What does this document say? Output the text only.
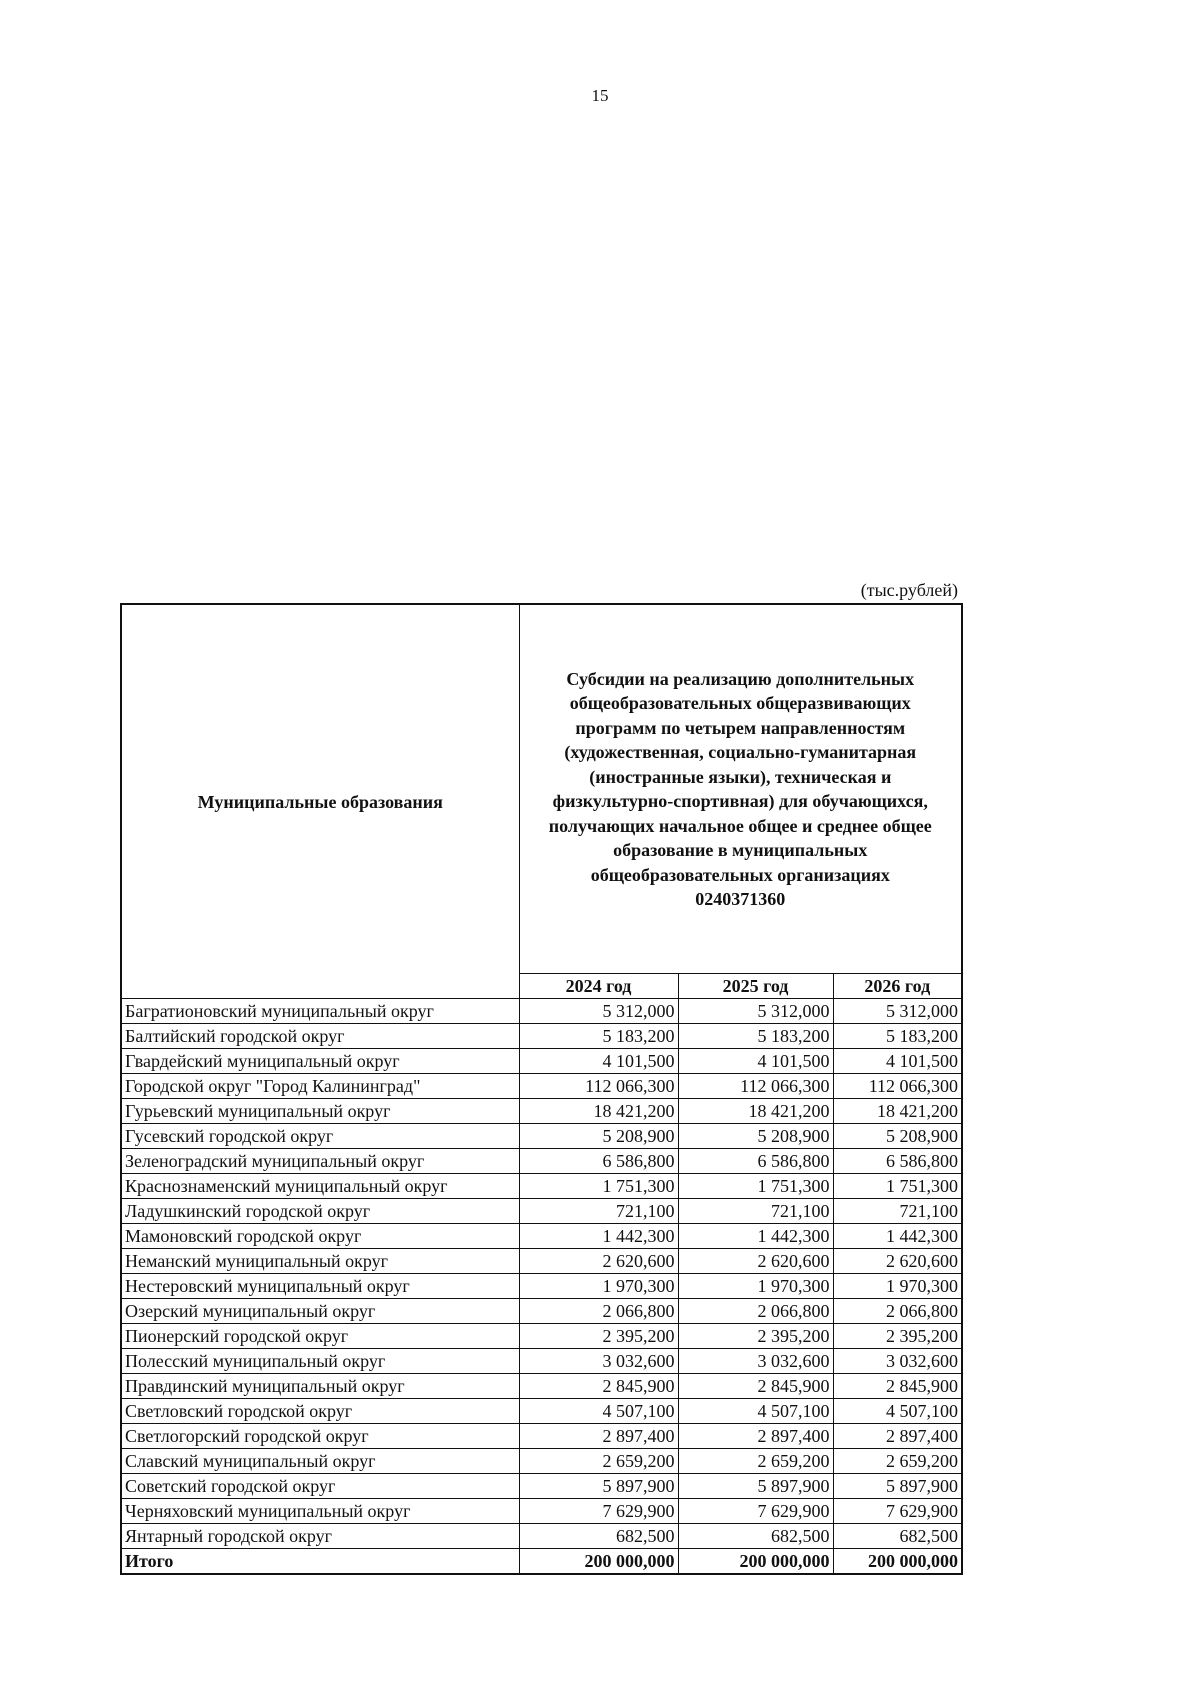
15
(тыс.рублей)
Муниципальные образования	Субсидии на реализацию дополнительных общеобразовательных общеразвивающих программ по четырем направленностям (художественная, социально-гуманитарная (иностранные языки), техническая и физкультурно-спортивная) для обучающихся, получающих начальное общее и среднее общее образование в муниципальных общеобразовательных организациях
0240371360		

	2024 год	2025 год	2026 год
Багратионовский муниципальный округ	5 312,000	5 312,000	5 312,000
Балтийский городской округ	5 183,200	5 183,200	5 183,200
Гвардейский муниципальный округ	4 101,500	4 101,500	4 101,500
Городской округ "Город Калининград"	112 066,300	112 066,300	112 066,300
Гурьевский муниципальный округ	18 421,200	18 421,200	18 421,200
Гусевский городской округ	5 208,900	5 208,900	5 208,900
Зеленоградский муниципальный округ	6 586,800	6 586,800	6 586,800
Краснознаменский муниципальный округ	1 751,300	1 751,300	1 751,300
Ладушкинский городской округ	721,100	721,100	721,100
Мамоновский городской округ	1 442,300	1 442,300	1 442,300
Неманский муниципальный округ	2 620,600	2 620,600	2 620,600
Нестеровский муниципальный округ	1 970,300	1 970,300	1 970,300
Озерский муниципальный округ	2 066,800	2 066,800	2 066,800
Пионерский городской округ	2 395,200	2 395,200	2 395,200
Полесский муниципальный округ	3 032,600	3 032,600	3 032,600
Правдинский муниципальный округ	2 845,900	2 845,900	2 845,900
Светловский городской округ	4 507,100	4 507,100	4 507,100
Светлогорский городской округ	2 897,400	2 897,400	2 897,400
Славский муниципальный округ	2 659,200	2 659,200	2 659,200
Советский городской округ	5 897,900	5 897,900	5 897,900
Черняховский муниципальный округ	7 629,900	7 629,900	7 629,900
Янтарный городской округ	682,500	682,500	682,500
Итого	200 000,000	200 000,000	200 000,000
